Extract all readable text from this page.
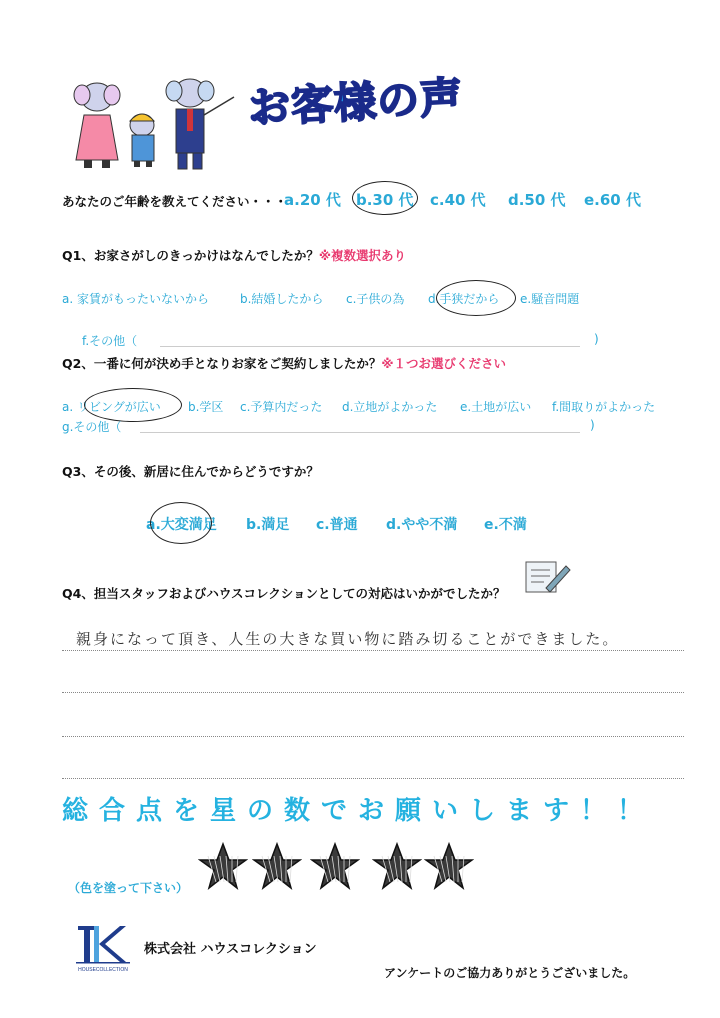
お客様の声
あなたのご年齢を教えてください・・・
a.20 代 b.30 代 c.40 代 d.50 代 e.60 代
Q1、お家さがしのきっかけはなんでしたか？※複数選択あり
a. 家賃がもったいないから	b.結婚したから c.子供の為 d.手狭だから e.騒音問題
f.その他（	)
Q2、一番に何が決め手となりお家をご契約しましたか？※１つお選びください
a. リビングが広い b.学区 c.予算内だった d.立地がよかった e.土地が広い f.間取りがよかった
g.その他（	)
Q3、その後、新居に住んでからどうですか？
a.大変満足 b.満足 c.普通 d.やや不満 e.不満
Q4、担当スタッフおよびハウスコレクションとしての対応はいかがでしたか？
親身になって頂き、人生の大きな買い物に踏み切ることができました。
総合点を星の数でお願いします！！
（色を塗って下さい）
HOUSECOLLECTION
株式会社 ハウスコレクション
アンケートのご協力ありがとうございました。
